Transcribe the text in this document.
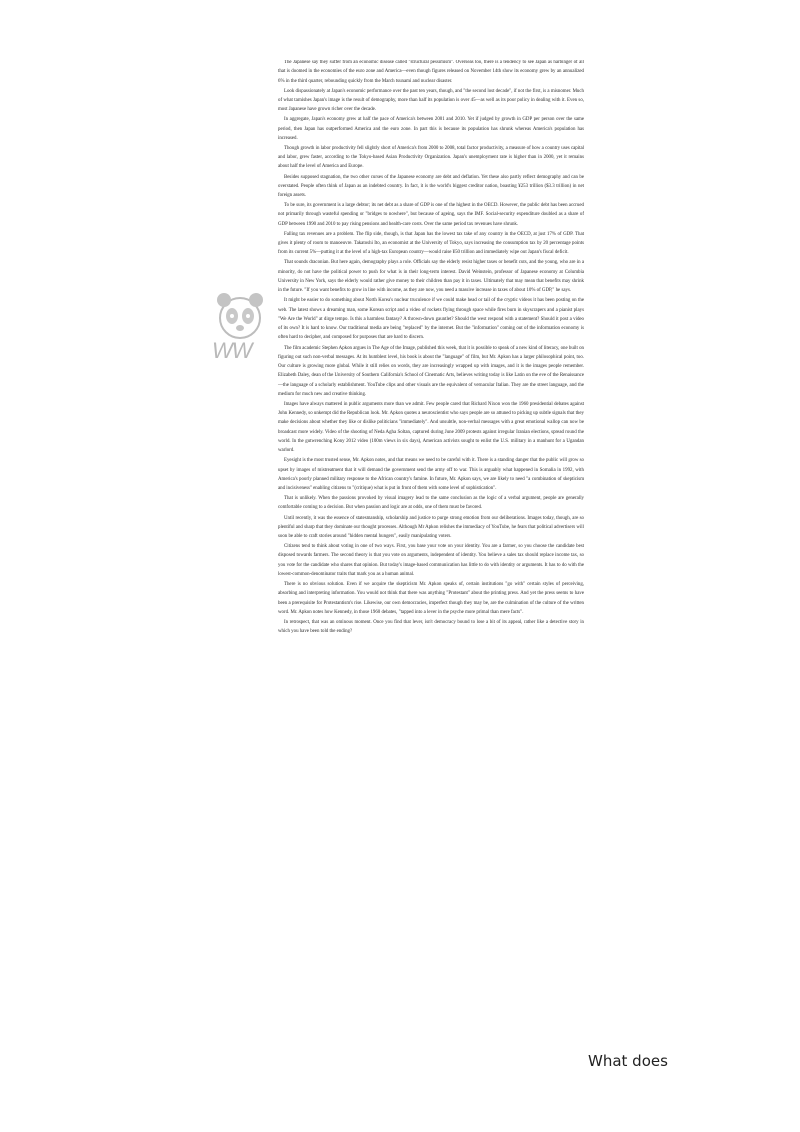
WW

The Japanese say they suffer from an economic disease called "structural pessimism". Overseas too, there is a tendency to see Japan as harbinger of all that is doomed in the economies of the euro zone and America—even though figures released on November 14th show its economy grew by an annualized 6% in the third quarter, rebounding quickly from the March tsunami and nuclear disaster.

Look dispassionately at Japan's economic performance over the past ten years, though, and "the second lost decade", if not the first, is a misnomer. Much of what tarnishes Japan's image is the result of demography, more than half its population is over 45—as well as its poor policy in dealing with it. Even so, most Japanese have grown richer over the decade.

In aggregate, Japan's economy grew at half the pace of America's between 2001 and 2010. Yet if judged by growth in GDP per person over the same period, then Japan has outperformed America and the euro zone. In part this is because its population has shrunk whereas America's population has increased.

Though growth in labor productivity fell slightly short of America's from 2000 to 2008, total factor productivity, a measure of how a country uses capital and labor, grew faster, according to the Tokyo-based Asian Productivity Organization. Japan's unemployment rate is higher than in 2000, yet it remains about half the level of America and Europe.

Besides supposed stagnation, the two other curses of the Japanese economy are debt and deflation. Yet these also partly reflect demography and can be overstated. People often think of Japan as an indebted country. In fact, it is the world's biggest creditor nation, boasting ¥253 trillion ($3.3 trillion) in net foreign assets.

To be sure, its government is a large debtor; its net debt as a share of GDP is one of the highest in the OECD. However, the public debt has been accrued not primarily through wasteful spending or "bridges to nowhere", but because of ageing, says the IMF. Social-security expenditure doubled as a share of GDP between 1990 and 2010 to pay rising pensions and health-care costs. Over the same period tax revenues have shrunk.

Falling tax revenues are a problem. The flip side, though, is that Japan has the lowest tax take of any country in the OECD, at just 17% of GDP. That gives it plenty of room to manoeuvre. Takatoshi Ito, an economist at the University of Tokyo, says increasing the consumption tax by 20 percentage points from its current 5%—putting it at the level of a high-tax European country—would raise ¥50 trillion and immediately wipe out Japan's fiscal deficit.

That sounds draconian. But here again, demography plays a role. Officials say the elderly resist higher taxes or benefit cuts, and the young, who are in a minority, do not have the political power to push for what is in their long-term interest. David Weinstein, professor of Japanese economy at Columbia University in New York, says the elderly would rather give money to their children than pay it in taxes. Ultimately that may mean that benefits may shrink in the future. "If you want benefits to grow in line with income, as they are now, you need a massive increase in taxes of about 10% of GDP," he says.

It might be easier to do something about North Korea's nuclear truculence if we could make head or tail of the cryptic videos it has been posting on the web. The latest shows a dreaming man, some Korean script and a video of rockets flying through space while fires burn in skyscrapers and a pianist plays "We Are the World" at dirge tempo. Is this a harmless fantasy? A thrown-down gauntlet? Should the west respond with a statement? Should it post a video of its own? It is hard to know. Our traditional media are being "replaced" by the internet. But the "information" coming out of the information economy is often hard to decipher, and composed for purposes that are hard to discern.

The film academic Stephen Apkon argues in The Age of the Image, published this week, that it is possible to speak of a new kind of literacy, one built on figuring out such non-verbal messages. At its humblest level, his book is about the "language" of film, but Mr. Apkon has a larger philosophical point, too. Our culture is growing more global. While it still relies on words, they are increasingly wrapped up with images, and it is the images people remember. Elizabeth Daley, dean of the University of Southern California's School of Cinematic Arts, believes writing today is like Latin on the eve of the Renaissance—the language of a scholarly establishment. YouTube clips and other visuals are the equivalent of vernacular Italian. They are the street language, and the medium for much new and creative thinking.

Images have always mattered in public arguments more than we admit. Few people cared that Richard Nixon won the 1960 presidential debates against John Kennedy, so unkempt did the Republican look. Mr. Apkon quotes a neuroscientist who says people are so attuned to picking up subtle signals that they make decisions about whether they like or dislike politicians "immediately". And unsubtle, non-verbal messages with a great emotional wallop can now be broadcast more widely. Video of the shooting of Neda Agha Soltan, captured during June 2009 protests against irregular Iranian elections, spread round the world. In the gutwrenching Kony 2012 video (100m views in six days), American activists sought to enlist the U.S. military in a manhunt for a Ugandan warlord.

Eyesight is the most trusted sense, Mr. Apkon notes, and that means we need to be careful with it. There is a standing danger that the public will grow so upset by images of mistreatment that it will demand the government send the army off to war. This is arguably what happened in Somalia in 1992, with America's poorly planned military response to the African country's famine. In future, Mr. Apkon says, we are likely to need "a combination of skepticism and incisiveness" enabling citizens to "(critique) what is put in front of them with some level of sophistication".

That is unlikely. When the passions provoked by visual imagery lead to the same conclusion as the logic of a verbal argument, people are generally comfortable coming to a decision. But when passion and logic are at odds, one of them must be favored.

Until recently, it was the essence of statesmanship, scholarship and justice to purge strong emotion from our deliberations. Images today, though, are so plentiful and sharp that they dominate our thought processes. Although Mr Apkon relishes the immediacy of YouTube, he fears that political advertisers will soon be able to craft stories around "hidden mental hungers", easily manipulating voters.

Citizens tend to think about voting in one of two ways. First, you base your vote on your identity. You are a farmer, so you choose the candidate best disposed towards farmers. The second theory is that you vote on arguments, independent of identity. You believe a sales tax should replace income tax, so you vote for the candidate who shares that opinion. But today's image-based communication has little to do with identity or arguments. It has to do with the lowest-common-denominator traits that mark you as a human animal.

There is no obvious solution. Even if we acquire the skepticism Mr. Apkon speaks of, certain institutions "go with" certain styles of perceiving, absorbing and interpreting information. You would not think that there was anything "Protestant" about the printing press. And yet the press seems to have been a prerequisite for Protestantism's rise. Likewise, our own democracies, imperfect though they may be, are the culmination of the culture of the written word. Mr. Apkon notes how Kennedy, in those 1960 debates, "tapped into a lever in the psyche more primal than mere facts".

In retrospect, that was an ominous moment. Once you find that lever, isn't democracy bound to lose a bit of its appeal, rather like a detective story in which you have been told the ending?

What does
